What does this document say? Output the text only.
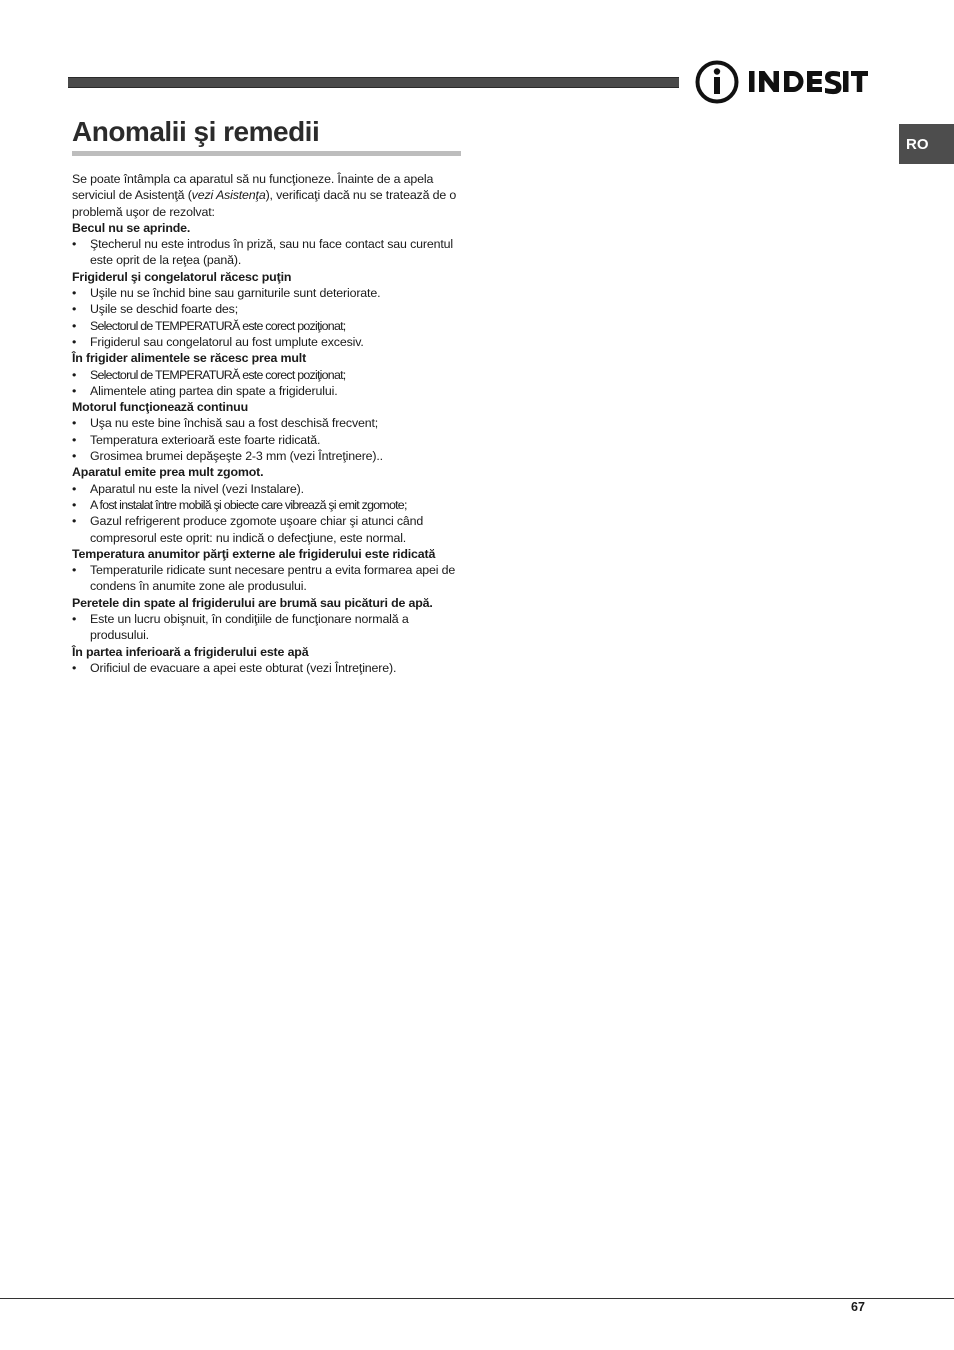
RO
Anomalii şi remedii

Se poate întâmpla ca aparatul să nu funcţioneze. Înainte de a apela serviciul de Asistenţă (vezi Asistenţa), verificaţi dacă nu se tratează de o problemă uşor de rezolvat:

Becul nu se aprinde.

• Ştecherul nu este introdus în priză, sau nu face contact sau curentul este oprit de la reţea (pană).

Frigiderul şi congelatorul răcesc puţin

• Uşile nu se închid bine sau garniturile sunt deteriorate.
• Uşile se deschid foarte des;
• Selectorul de TEMPERATURĂ este corect poziţionat;
• Frigiderul sau congelatorul au fost umplute excesiv.

În frigider alimentele se răcesc prea mult

• Selectorul de TEMPERATURĂ este corect poziţionat;
• Alimentele ating partea din spate a frigiderului.

Motorul funcţionează continuu

• Uşa nu este bine închisă sau a fost deschisă frecvent;
• Temperatura exterioară este foarte ridicată.
• Grosimea brumei depăşeşte 2-3 mm (vezi Întreţinere)..

Aparatul emite prea mult zgomot.

• Aparatul nu este la nivel (vezi Instalare).
• A fost instalat între mobilă şi obiecte care vibrează şi emit zgomote;
• Gazul refrigerent produce zgomote uşoare chiar şi atunci când compresorul este oprit: nu indică o defecţiune, este normal.

Temperatura anumitor părţi externe ale frigiderului este ridicată

• Temperaturile ridicate sunt necesare pentru a evita formarea apei de condens în anumite zone ale produsului.

Peretele din spate al frigiderului are brumă sau picături de apă.

• Este un lucru obişnuit, în condiţiile de funcţionare normală a produsului.

În partea inferioară a frigiderului este apă

• Orificiul de evacuare a apei este obturat (vezi Întreţinere).
67
